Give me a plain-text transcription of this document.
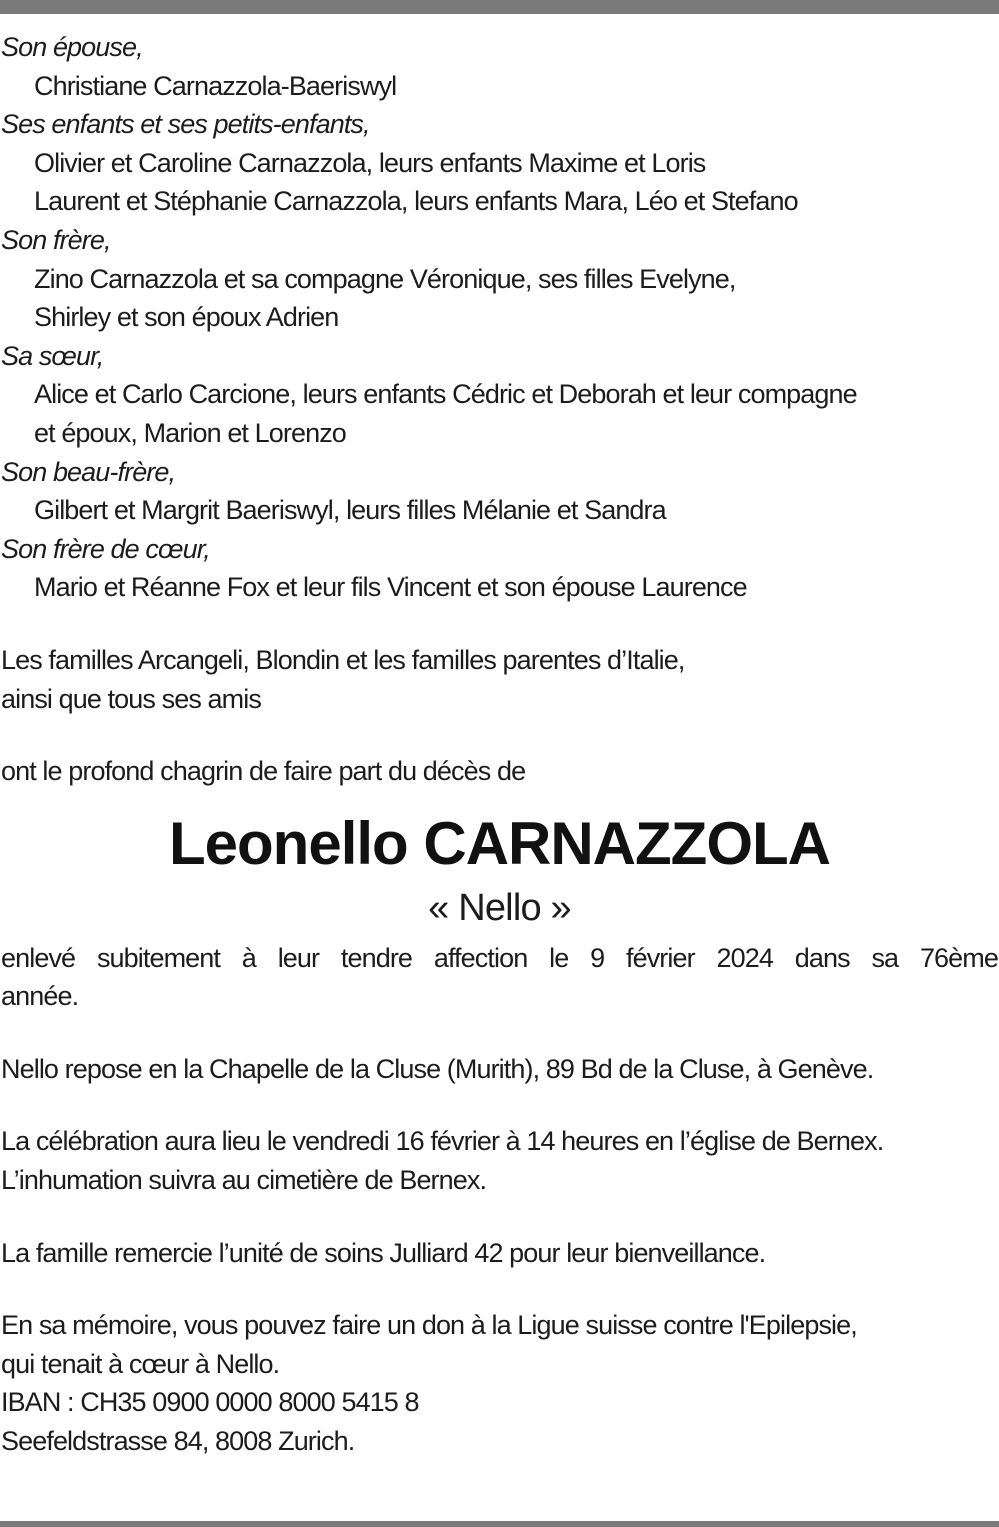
Son épouse,
Christiane Carnazzola-Baeriswyl
Ses enfants et ses petits-enfants,
Olivier et Caroline Carnazzola, leurs enfants Maxime et Loris
Laurent et Stéphanie Carnazzola, leurs enfants Mara, Léo et Stefano
Son frère,
Zino Carnazzola et sa compagne Véronique, ses filles Evelyne,
Shirley et son époux Adrien
Sa sœur,
Alice et Carlo Carcione, leurs enfants Cédric et Deborah et leur compagne
et époux, Marion et Lorenzo
Son beau-frère,
Gilbert et Margrit Baeriswyl, leurs filles Mélanie et Sandra
Son frère de cœur,
Mario et Réanne Fox et leur fils Vincent et son épouse Laurence
Les familles Arcangeli, Blondin et les familles parentes d’Italie,
ainsi que tous ses amis
ont le profond chagrin de faire part du décès de
Leonello CARNAZZOLA
« Nello »
enlevé subitement à leur tendre affection le 9 février 2024 dans sa 76ème
année.
Nello repose en la Chapelle de la Cluse (Murith), 89 Bd de la Cluse, à Genève.
La célébration aura lieu le vendredi 16 février à 14 heures en l’église de Bernex.
L’inhumation suivra au cimetière de Bernex.
La famille remercie l’unité de soins Julliard 42 pour leur bienveillance.
En sa mémoire, vous pouvez faire un don à la Ligue suisse contre l'Epilepsie,
qui tenait à cœur à Nello.
IBAN : CH35 0900 0000 8000 5415 8
Seefeldstrasse 84, 8008 Zurich.
